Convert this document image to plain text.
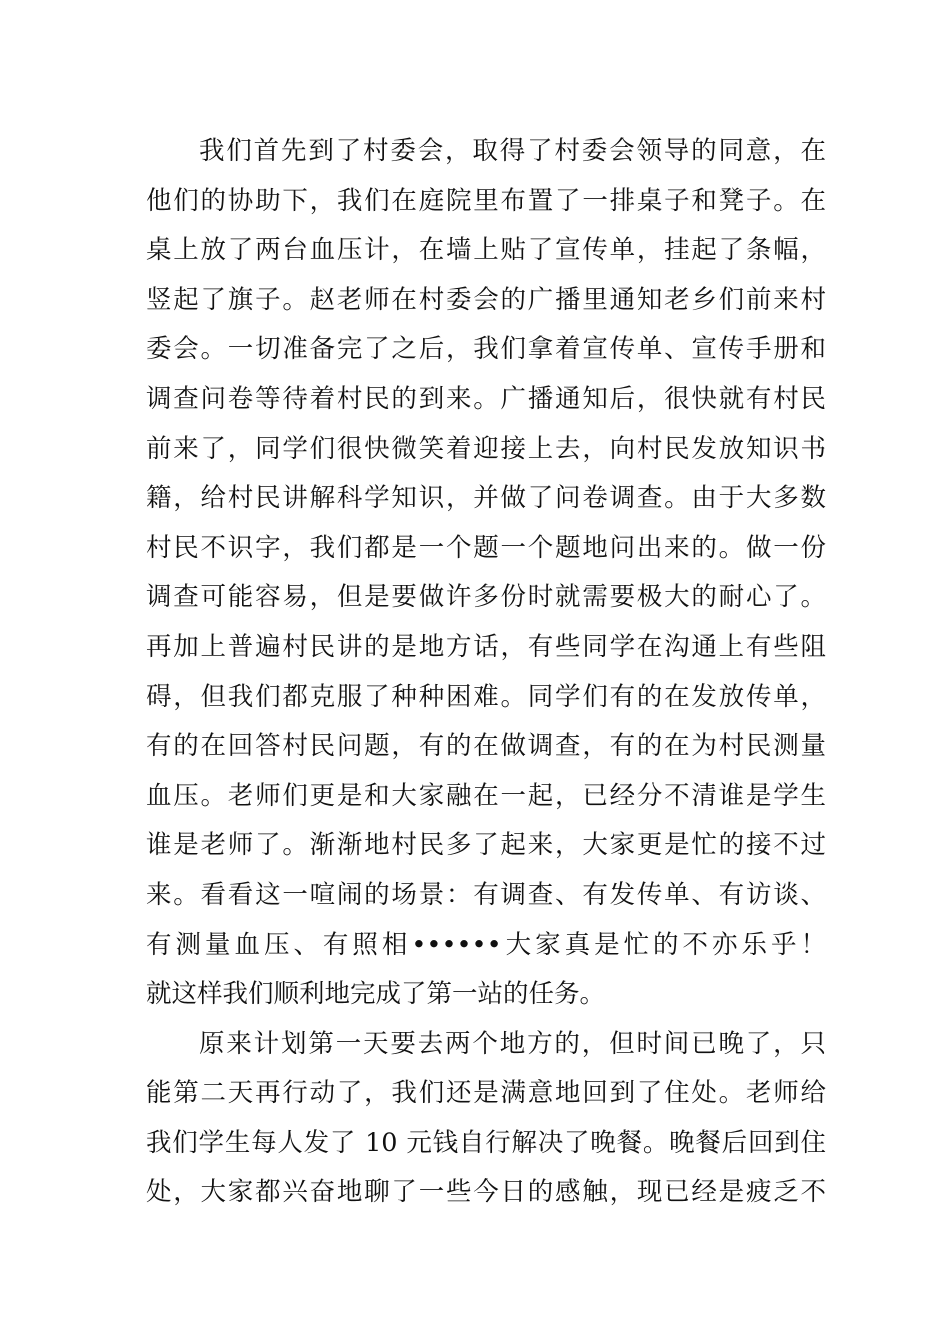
我们首先到了村委会，取得了村委会领导的同意，在
他们的协助下，我们在庭院里布置了一排桌子和凳子。在
桌上放了两台血压计，在墙上贴了宣传单，挂起了条幅，
竖起了旗子。赵老师在村委会的广播里通知老乡们前来村
委会。一切准备完了之后，我们拿着宣传单、宣传手册和
调查问卷等待着村民的到来。广播通知后，很快就有村民
前来了，同学们很快微笑着迎接上去，向村民发放知识书
籍，给村民讲解科学知识，并做了问卷调查。由于大多数
村民不识字，我们都是一个题一个题地问出来的。做一份
调查可能容易，但是要做许多份时就需要极大的耐心了。
再加上普遍村民讲的是地方话，有些同学在沟通上有些阻
碍，但我们都克服了种种困难。同学们有的在发放传单，
有的在回答村民问题，有的在做调查，有的在为村民测量
血压。老师们更是和大家融在一起，已经分不清谁是学生
谁是老师了。渐渐地村民多了起来，大家更是忙的接不过
来。看看这一喧闹的场景：有调查、有发传单、有访谈、
有测量血压、有照相••••••大家真是忙的不亦乐乎！
就这样我们顺利地完成了第一站的任务。
原来计划第一天要去两个地方的，但时间已晚了，只
能第二天再行动了，我们还是满意地回到了住处。老师给
我们学生每人发了 10 元钱自行解决了晚餐。晚餐后回到住
处，大家都兴奋地聊了一些今日的感触，现已经是疲乏不
